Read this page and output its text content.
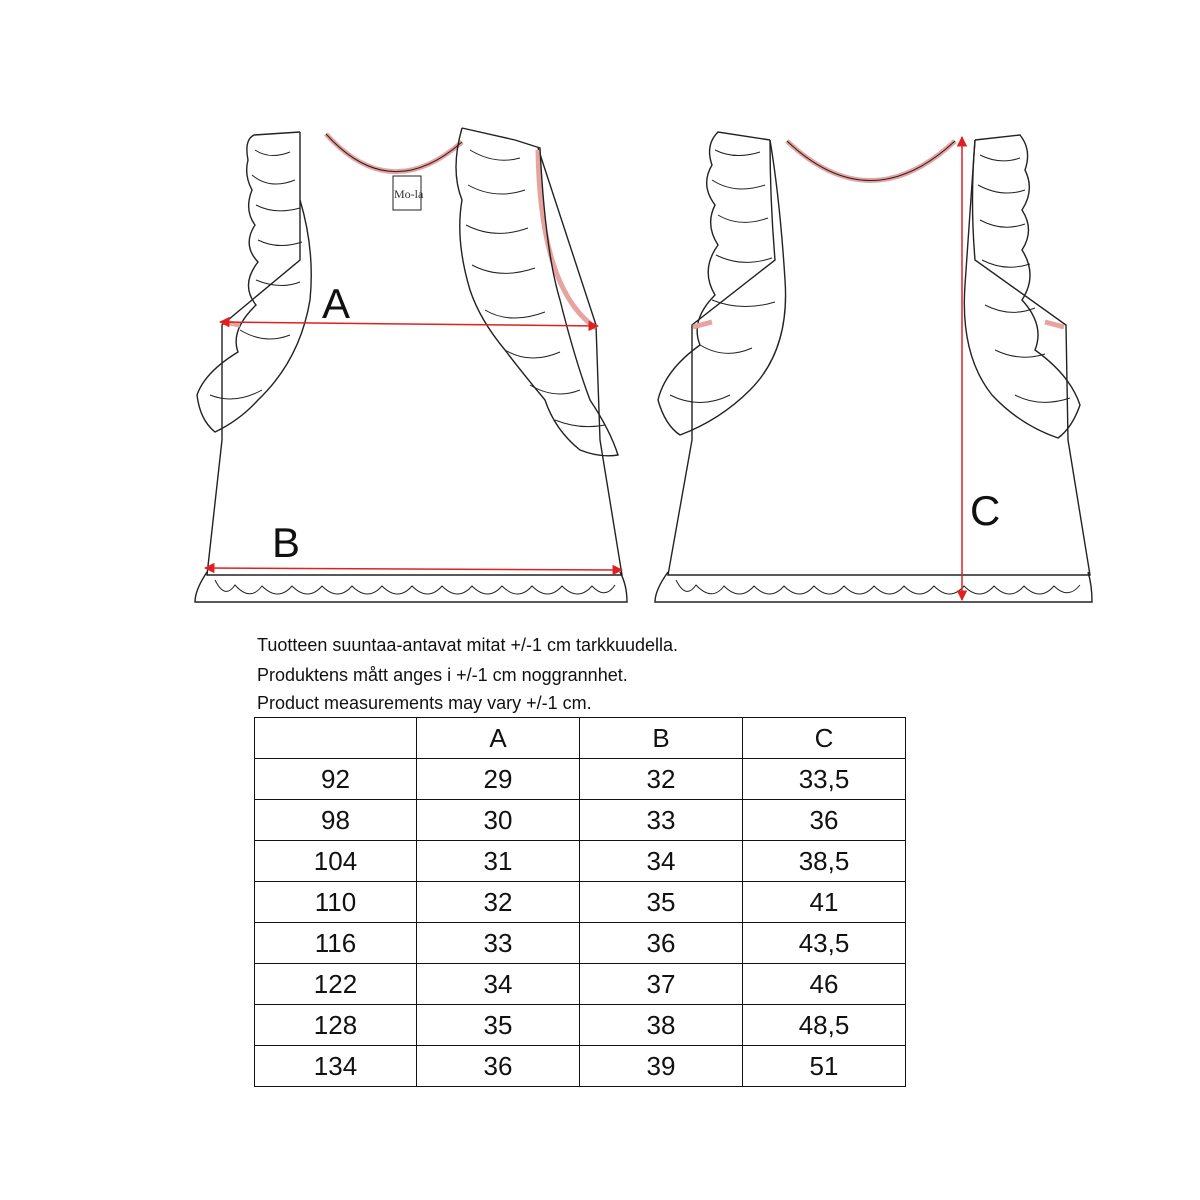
Mo-la
A
B
C
Tuotteen suuntaa-antavat mitat +/-1 cm tarkkuudella.
Produktens mått anges i +/-1 cm noggrannhet.
Product measurements may vary +/-1 cm.
	A	B	C
92	29	32	33,5
98	30	33	36
104	31	34	38,5
110	32	35	41
116	33	36	43,5
122	34	37	46
128	35	38	48,5
134	36	39	51
